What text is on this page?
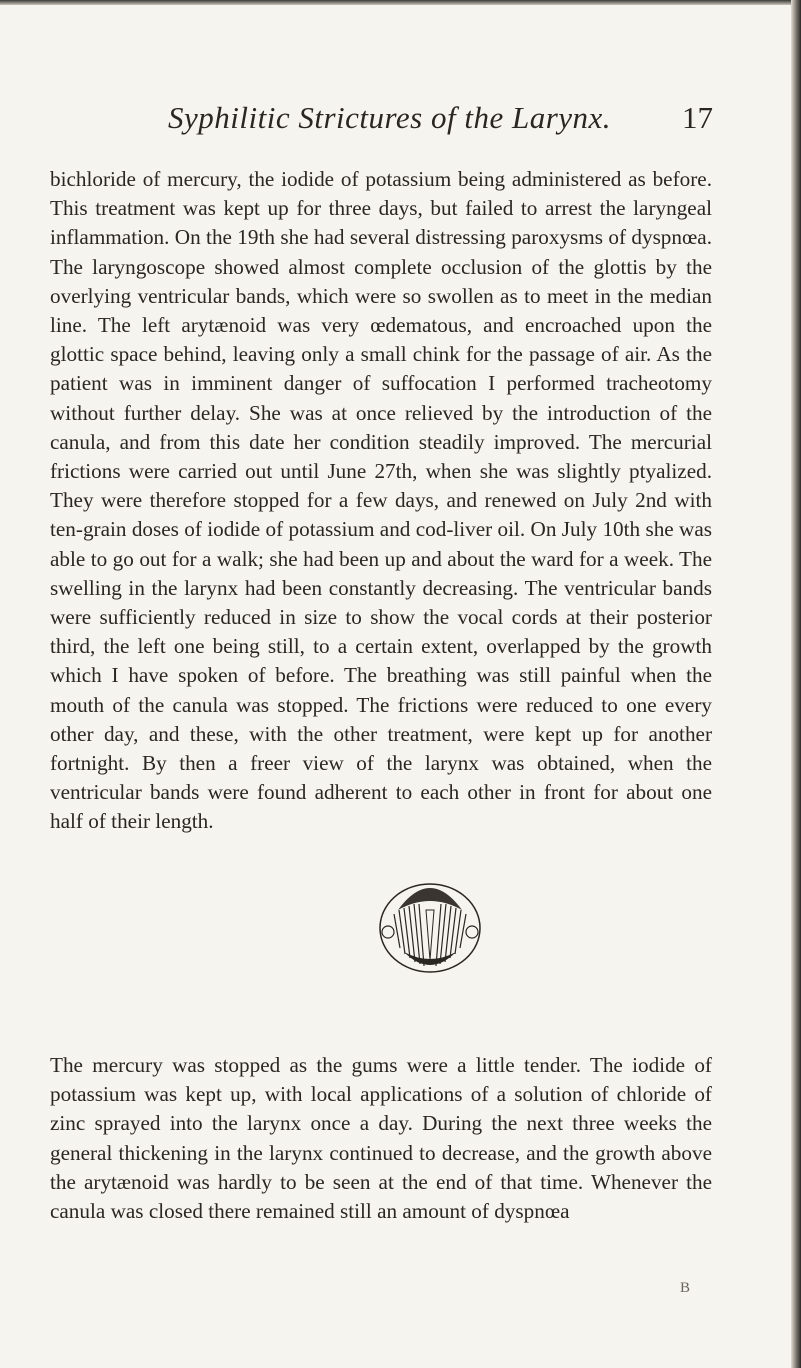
Syphilitic Strictures of the Larynx. 17

bichloride of mercury, the iodide of potassium being administered as before. This treatment was kept up for three days, but failed to arrest the laryngeal inflammation. On the 19th she had several distressing paroxysms of dyspnœa. The laryngoscope showed almost complete occlusion of the glottis by the overlying ventricular bands, which were so swollen as to meet in the median line. The left arytænoid was very œdematous, and encroached upon the glottic space behind, leaving only a small chink for the passage of air. As the patient was in imminent danger of suffocation I performed tracheotomy without further delay. She was at once relieved by the introduction of the canula, and from this date her condition steadily improved. The mercurial frictions were carried out until June 27th, when she was slightly ptyalized. They were therefore stopped for a few days, and renewed on July 2nd with ten-grain doses of iodide of potassium and cod-liver oil. On July 10th she was able to go out for a walk; she had been up and about the ward for a week. The swelling in the larynx had been constantly decreasing. The ventricular bands were sufficiently reduced in size to show the vocal cords at their posterior third, the left one being still, to a certain extent, overlapped by the growth which I have spoken of before. The breathing was still painful when the mouth of the canula was stopped. The frictions were reduced to one every other day, and these, with the other treatment, were kept up for another fortnight. By then a freer view of the larynx was obtained, when the ventricular bands were found adherent to each other in front for about one half of their length.

The mercury was stopped as the gums were a little tender. The iodide of potassium was kept up, with local applications of a solution of chloride of zinc sprayed into the larynx once a day. During the next three weeks the general thickening in the larynx continued to decrease, and the growth above the arytænoid was hardly to be seen at the end of that time. Whenever the canula was closed there remained still an amount of dyspnœa

B
